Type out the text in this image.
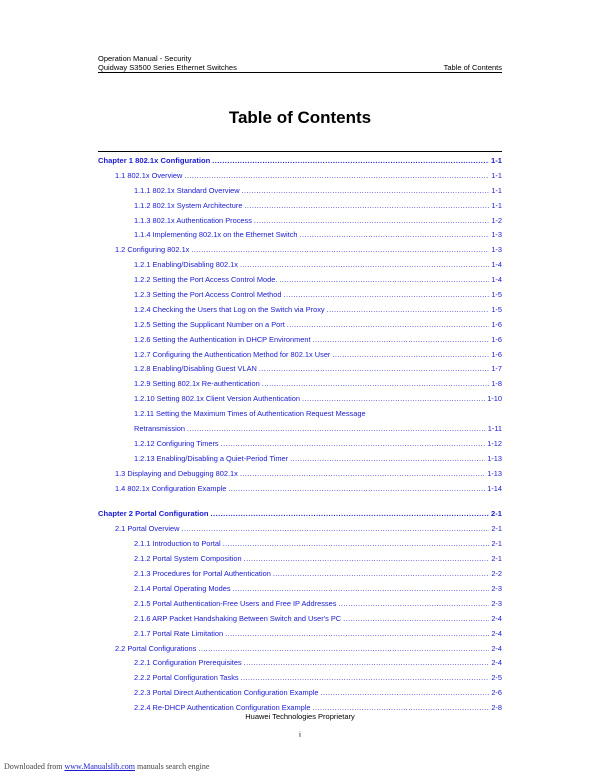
Operation Manual - Security
Quidway S3500 Series Ethernet Switches	Table of Contents
Table of Contents
Chapter 1 802.1x Configuration .....	1-1
1.1 802.1x Overview .....	1-1
1.1.1 802.1x Standard Overview .....	1-1
1.1.2 802.1x System Architecture .....	1-1
1.1.3 802.1x Authentication Process .....	1-2
1.1.4 Implementing 802.1x on the Ethernet Switch .....	1-3
1.2 Configuring 802.1x .....	1-3
1.2.1 Enabling/Disabling 802.1x .....	1-4
1.2.2 Setting the Port Access Control Mode. .....	1-4
1.2.3 Setting the Port Access Control Method .....	1-5
1.2.4 Checking the Users that Log on the Switch via Proxy .....	1-5
1.2.5 Setting the Supplicant Number on a Port .....	1-6
1.2.6 Setting the Authentication in DHCP Environment .....	1-6
1.2.7 Configuring the Authentication Method for 802.1x User .....	1-6
1.2.8 Enabling/Disabling Guest VLAN .....	1-7
1.2.9 Setting 802.1x Re-authentication .....	1-8
1.2.10 Setting 802.1x Client Version Authentication .....	1-10
1.2.11 Setting the Maximum Times of Authentication Request Message
Retransmission .....	1-11
1.2.12 Configuring Timers .....	1-12
1.2.13 Enabling/Disabling a Quiet-Period Timer .....	1-13
1.3 Displaying and Debugging 802.1x .....	1-13
1.4 802.1x Configuration Example .....	1-14
Chapter 2 Portal Configuration .....	2-1
2.1 Portal Overview .....	2-1
2.1.1 Introduction to Portal .....	2-1
2.1.2 Portal System Composition .....	2-1
2.1.3 Procedures for Portal Authentication .....	2-2
2.1.4 Portal Operating Modes .....	2-3
2.1.5 Portal Authentication-Free Users and Free IP Addresses .....	2-3
2.1.6 ARP Packet Handshaking Between Switch and User's PC .....	2-4
2.1.7 Portal Rate Limitation .....	2-4
2.2 Portal Configurations .....	2-4
2.2.1 Configuration Prerequisites .....	2-4
2.2.2 Portal Configuration Tasks .....	2-5
2.2.3 Portal Direct Authentication Configuration Example .....	2-6
2.2.4 Re-DHCP Authentication Configuration Example .....	2-8
Huawei Technologies Proprietary
i
Downloaded from www.Manualslib.com manuals search engine
